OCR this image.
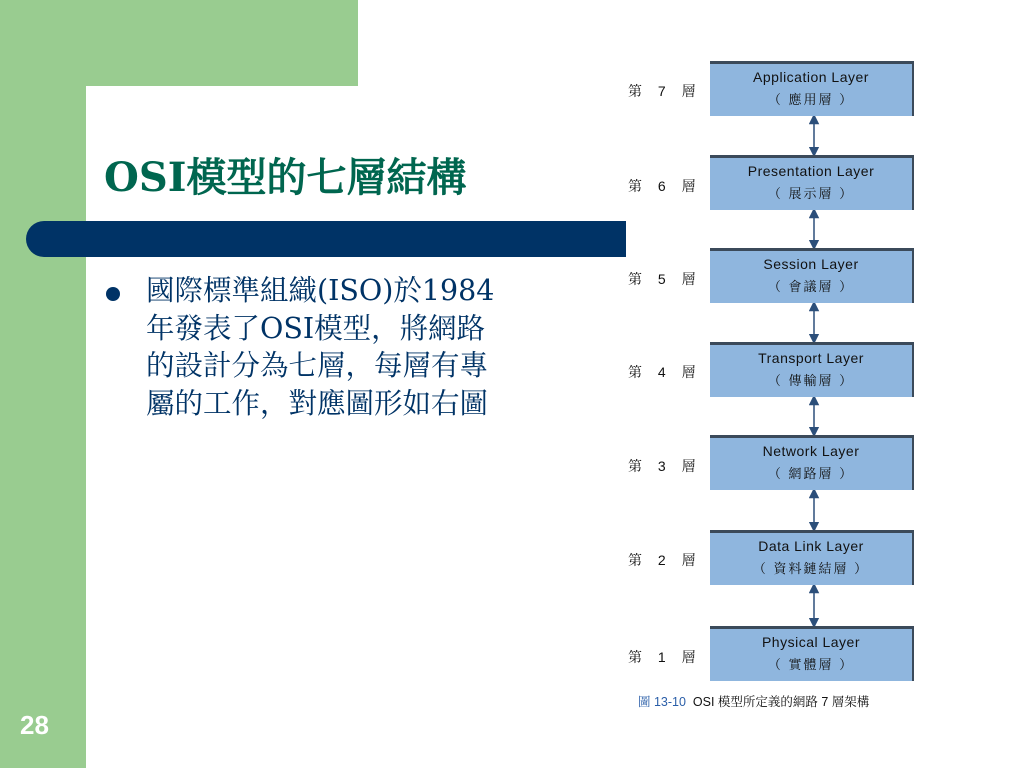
OSI模型的七層結構
國際標準組織(ISO)於1984年發表了OSI模型，將網路的設計分為七層，每層有專屬的工作，對應圖形如右圖
28
第 7 層
Application Layer
（ 應用層 ）
第 6 層
Presentation Layer
（ 展示層 ）
第 5 層
Session Layer
（ 會議層 ）
第 4 層
Transport Layer
（ 傳輸層 ）
第 3 層
Network Layer
（ 網路層 ）
第 2 層
Data Link Layer
（ 資料鏈結層 ）
第 1 層
Physical Layer
（ 實體層 ）
圖 13-10 OSI 模型所定義的網路 7 層架構
